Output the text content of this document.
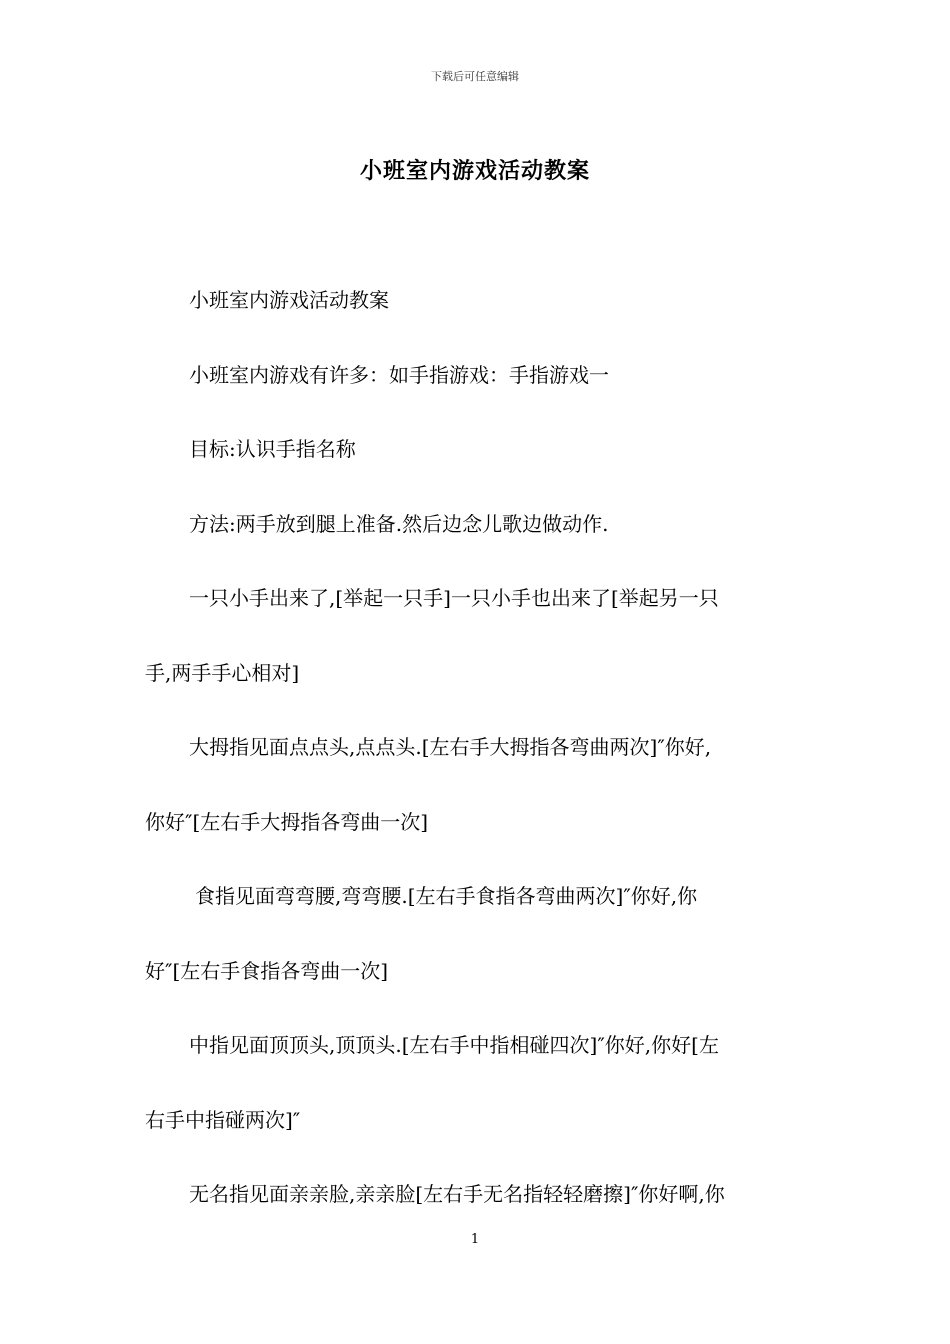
下载后可任意编辑
小班室内游戏活动教案

小班室内游戏活动教案

小班室内游戏有许多：如手指游戏：手指游戏一

目标:认识手指名称

方法:两手放到腿上准备.然后边念儿歌边做动作.

一只小手出来了,[举起一只手]一只小手也出来了[举起另一只

手,两手手心相对]

大拇指见面点点头,点点头.[左右手大拇指各弯曲两次]″你好,

你好″[左右手大拇指各弯曲一次]

食指见面弯弯腰,弯弯腰.[左右手食指各弯曲两次]″你好,你

好″[左右手食指各弯曲一次]

中指见面顶顶头,顶顶头.[左右手中指相碰四次]″你好,你好[左

右手中指碰两次]″

无名指见面亲亲脸,亲亲脸[左右手无名指轻轻磨擦]″你好啊,你

1
